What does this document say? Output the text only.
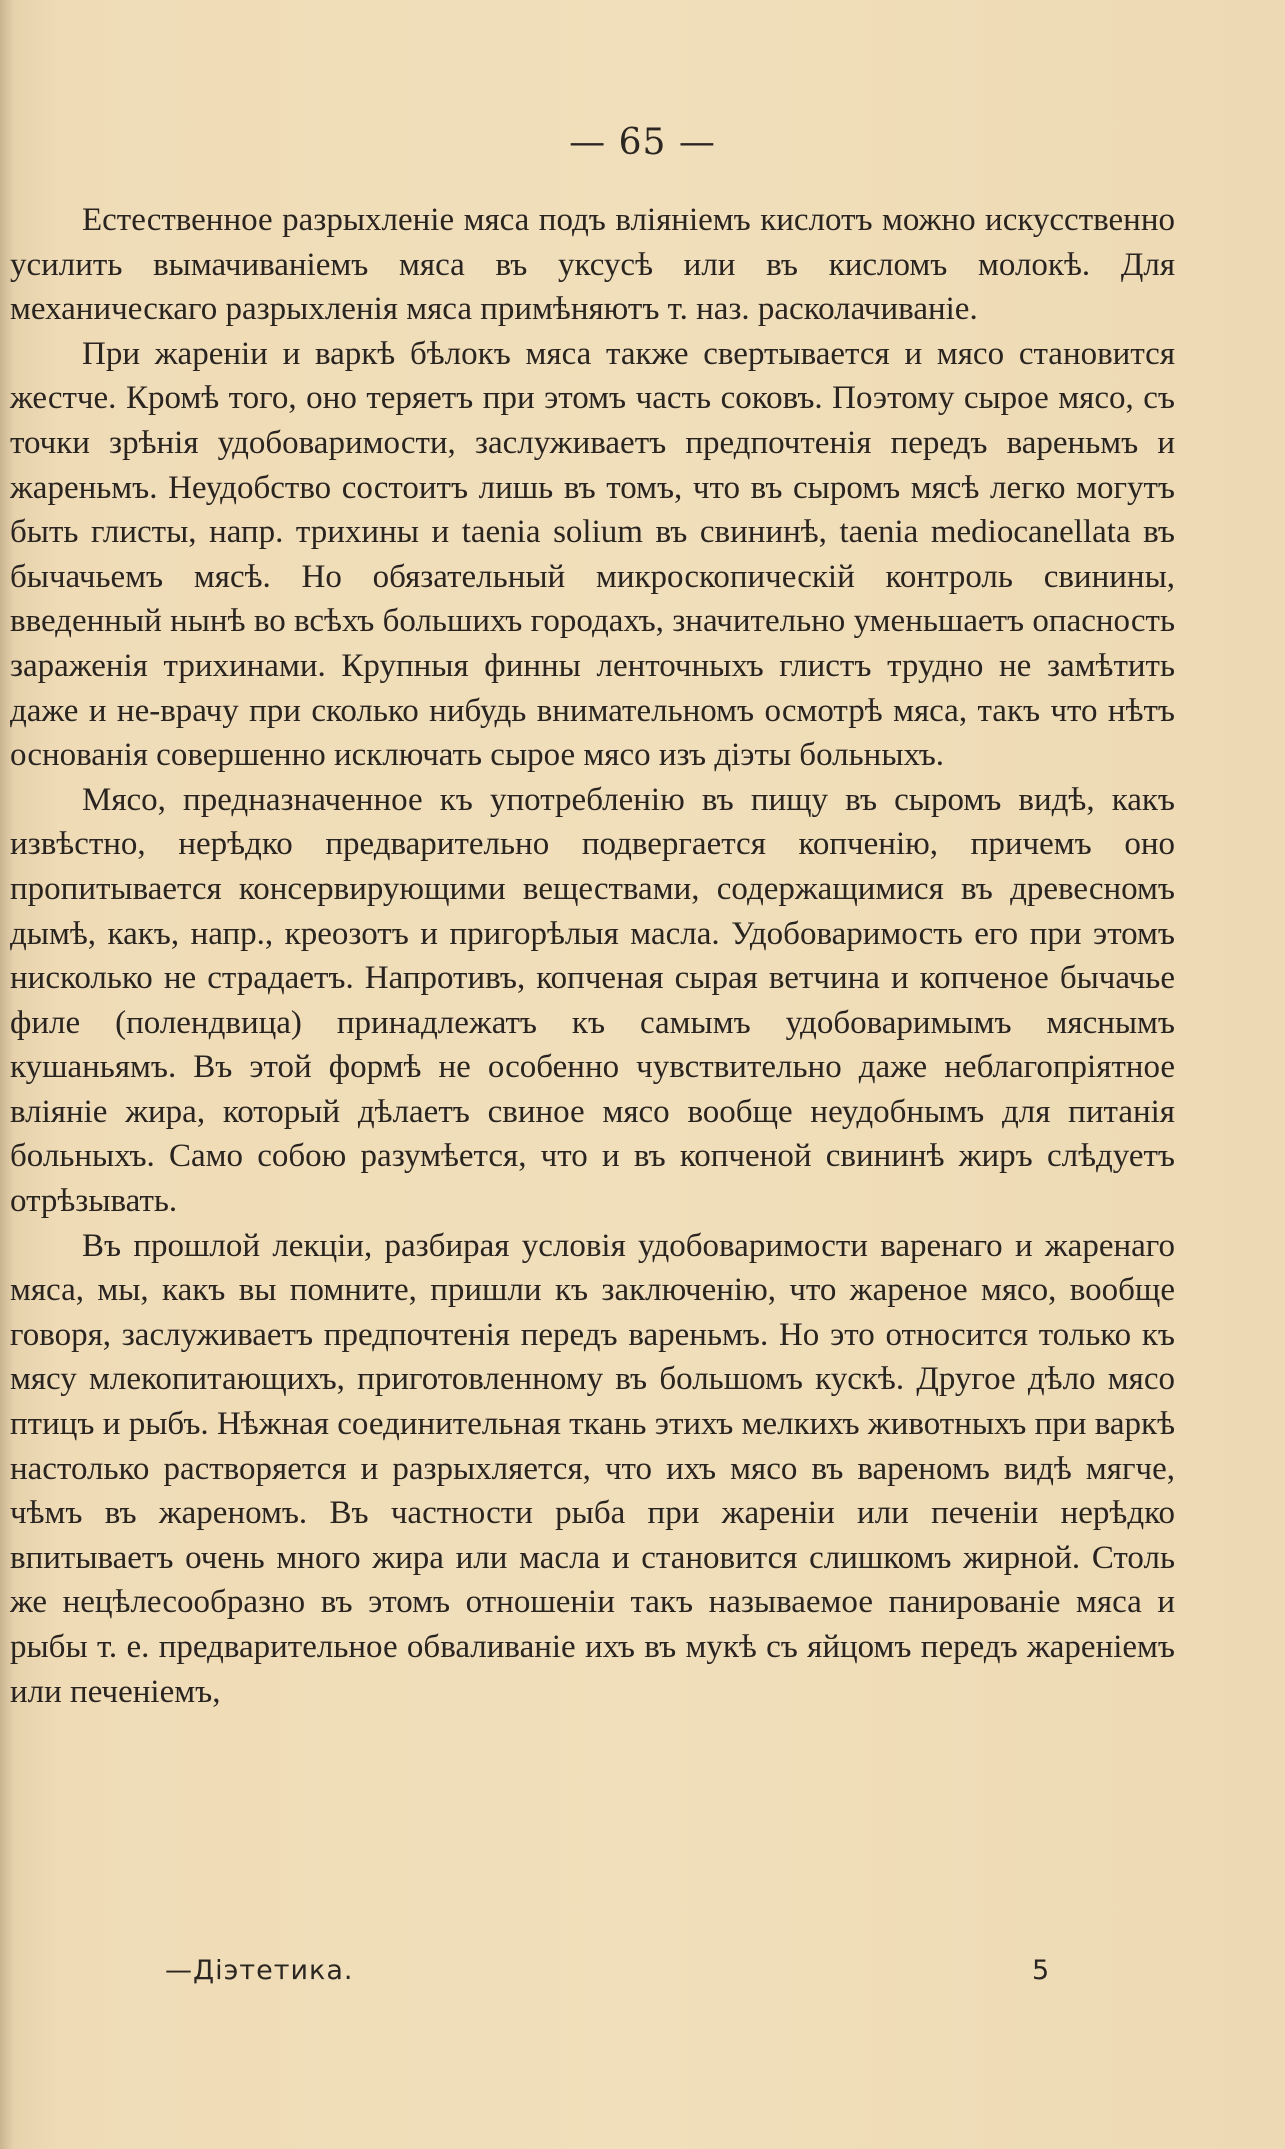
— 65 —

Естественное разрыхленіе мяса подъ вліяніемъ кислотъ можно искусственно усилить вымачиваніемъ мяса въ уксусѣ или въ кисломъ молокѣ. Для механическаго разрыхленія мяса примѣняютъ т. наз. расколачиваніе.

При жареніи и варкѣ бѣлокъ мяса также свертывается и мясо становится жестче. Кромѣ того, оно теряетъ при этомъ часть соковъ. Поэтому сырое мясо, съ точки зрѣнія удобоваримости, заслуживаетъ предпочтенія передъ вареньмъ и жареньмъ. Неудобство состоитъ лишь въ томъ, что въ сыромъ мясѣ легко могутъ быть глисты, напр. трихины и taenia solium въ свининѣ, taenia mediocanellata въ бычачьемъ мясѣ. Но обязательный микроскопическій контроль свинины, введенный нынѣ во всѣхъ большихъ городахъ, значительно уменьшаетъ опасность зараженія трихинами. Крупныя финны ленточныхъ глистъ трудно не замѣтить даже и не-врачу при сколько нибудь внимательномъ осмотрѣ мяса, такъ что нѣтъ основанія совершенно исключать сырое мясо изъ діэты больныхъ.

Мясо, предназначенное къ употребленію въ пищу въ сыромъ видѣ, какъ извѣстно, нерѣдко предварительно подвергается копченію, причемъ оно пропитывается консервирующими веществами, содержащимися въ древесномъ дымѣ, какъ, напр., креозотъ и пригорѣлыя масла. Удобоваримость его при этомъ нисколько не страдаетъ. Напротивъ, копченая сырая ветчина и копченое бычачье филе (полендвица) принадлежатъ къ самымъ удобоваримымъ мяснымъ кушаньямъ. Въ этой формѣ не особенно чувствительно даже неблагопріятное вліяніе жира, который дѣлаетъ свиное мясо вообще неудобнымъ для питанія больныхъ. Само собою разумѣется, что и въ копченой свининѣ жиръ слѣдуетъ отрѣзывать.

Въ прошлой лекціи, разбирая условія удобоваримости варенаго и жаренаго мяса, мы, какъ вы помните, пришли къ заключенію, что жареное мясо, вообще говоря, заслуживаетъ предпочтенія передъ вареньмъ. Но это относится только къ мясу млекопитающихъ, приготовленному въ большомъ кускѣ. Другое дѣло мясо птицъ и рыбъ. Нѣжная соединительная ткань этихъ мелкихъ животныхъ при варкѣ настолько растворяется и разрыхляется, что ихъ мясо въ вареномъ видѣ мягче, чѣмъ въ жареномъ. Въ частности рыба при жареніи или печеніи нерѣдко впитываетъ очень много жира или масла и становится слишкомъ жирной. Столь же нецѣлесообразно въ этомъ отношеніи такъ называемое панированіе мяса и рыбы т. е. предварительное обваливаніе ихъ въ мукѣ съ яйцомъ передъ жареніемъ или печеніемъ,

—Діэтетика.	5
